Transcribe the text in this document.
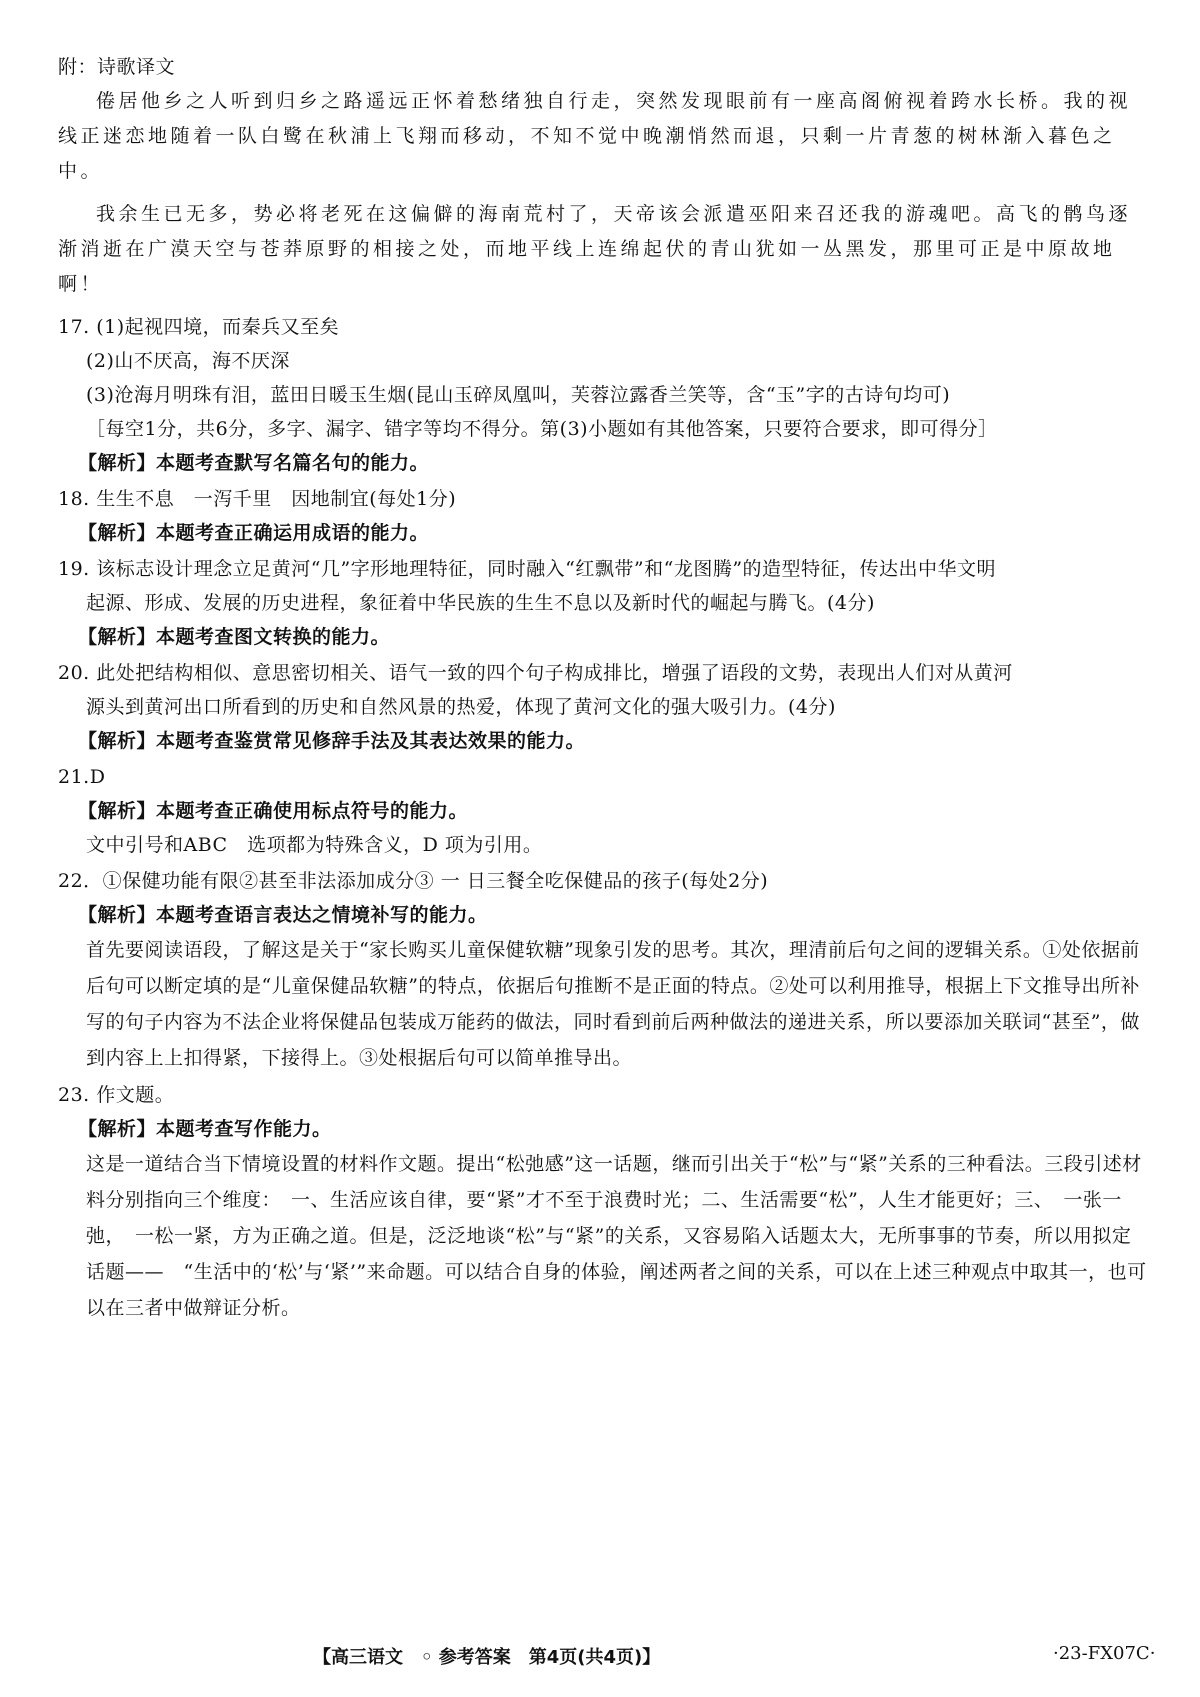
附：诗歌译文

倦居他乡之人听到归乡之路遥远正怀着愁绪独自行走，突然发现眼前有一座高阁俯视着跨水长桥。我的视线正迷恋地随着一队白鹭在秋浦上飞翔而移动，不知不觉中晚潮悄然而退，只剩一片青葱的树林渐入暮色之中。

我余生已无多，势必将老死在这偏僻的海南荒村了，天帝该会派遣巫阳来召还我的游魂吧。高飞的鹘鸟逐渐消逝在广漠天空与苍莽原野的相接之处，而地平线上连绵起伏的青山犹如一丛黑发，那里可正是中原故地啊！

17. (1)起视四境，而秦兵又至矣

(2)山不厌高，海不厌深

(3)沧海月明珠有泪，蓝田日暖玉生烟(昆山玉碎凤凰叫，芙蓉泣露香兰笑等，含“玉”字的古诗句均可)

［每空1分，共6分，多字、漏字、错字等均不得分。第(3)小题如有其他答案，只要符合要求，即可得分］

【解析】本题考查默写名篇名句的能力。

18. 生生不息　一泻千里　因地制宜(每处1分)

【解析】本题考查正确运用成语的能力。

19. 该标志设计理念立足黄河“几”字形地理特征，同时融入“红飘带”和“龙图腾”的造型特征，传达出中华文明

起源、形成、发展的历史进程，象征着中华民族的生生不息以及新时代的崛起与腾飞。(4分)

【解析】本题考查图文转换的能力。

20. 此处把结构相似、意思密切相关、语气一致的四个句子构成排比，增强了语段的文势，表现出人们对从黄河

源头到黄河出口所看到的历史和自然风景的热爱，体现了黄河文化的强大吸引力。(4分)

【解析】本题考查鉴赏常见修辞手法及其表达效果的能力。

21.D

【解析】本题考查正确使用标点符号的能力。

文中引号和ABC　选项都为特殊含义，D 项为引用。

22．①保健功能有限②甚至非法添加成分③ 一 日三餐全吃保健品的孩子(每处2分)

【解析】本题考查语言表达之情境补写的能力。

首先要阅读语段，了解这是关于“家长购买儿童保健软糖”现象引发的思考。其次，理清前后句之间的逻辑关系。①处依据前后句可以断定填的是“儿童保健品软糖”的特点，依据后句推断不是正面的特点。②处可以利用推导，根据上下文推导出所补写的句子内容为不法企业将保健品包装成万能药的做法，同时看到前后两种做法的递进关系，所以要添加关联词“甚至”，做到内容上上扣得紧，下接得上。③处根据后句可以简单推导出。

23. 作文题。

【解析】本题考查写作能力。

这是一道结合当下情境设置的材料作文题。提出“松弛感”这一话题，继而引出关于“松”与“紧”关系的三种看法。三段引述材料分别指向三个维度：　一、生活应该自律，要“紧”才不至于浪费时光；二、生活需要“松”，人生才能更好；三、　一张一弛，　一松一紧，方为正确之道。但是，泛泛地谈“松”与“紧”的关系，又容易陷入话题太大，无所事事的节奏，所以用拟定话题——　“生活中的‘松’与‘紧’”来命题。可以结合自身的体验，阐述两者之间的关系，可以在上述三种观点中取其一，也可以在三者中做辩证分析。

【高三语文　◦ 参考答案　第4页(共4页)】	·23-FX07C·
